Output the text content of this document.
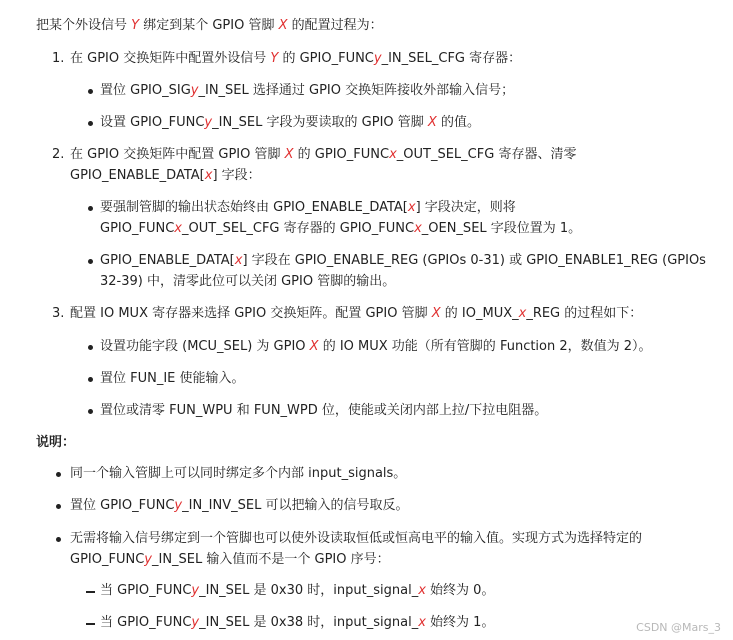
把某个外设信号 Y 绑定到某个 GPIO 管脚 X 的配置过程为：
1. 在 GPIO 交换矩阵中配置外设信号 Y 的 GPIO_FUNCy_IN_SEL_CFG 寄存器：
置位 GPIO_SIGy_IN_SEL 选择通过 GPIO 交换矩阵接收外部输入信号；
设置 GPIO_FUNCy_IN_SEL 字段为要读取的 GPIO 管脚 X 的值。
2. 在 GPIO 交换矩阵中配置 GPIO 管脚 X 的 GPIO_FUNCx_OUT_SEL_CFG 寄存器、清零
GPIO_ENABLE_DATA[x] 字段：
要强制管脚的输出状态始终由 GPIO_ENABLE_DATA[x] 字段决定，则将
GPIO_FUNCx_OUT_SEL_CFG 寄存器的 GPIO_FUNCx_OEN_SEL 字段位置为 1。
GPIO_ENABLE_DATA[x] 字段在 GPIO_ENABLE_REG (GPIOs 0-31) 或 GPIO_ENABLE1_REG (GPIOs
32-39) 中，清零此位可以关闭 GPIO 管脚的输出。
3. 配置 IO MUX 寄存器来选择 GPIO 交换矩阵。配置 GPIO 管脚 X 的 IO_MUX_x_REG 的过程如下：
设置功能字段 (MCU_SEL) 为 GPIO X 的 IO MUX 功能（所有管脚的 Function 2，数值为 2）。
置位 FUN_IE 使能输入。
置位或清零 FUN_WPU 和 FUN_WPD 位，使能或关闭内部上拉/下拉电阻器。
说明：
同一个输入管脚上可以同时绑定多个内部 input_signals。
置位 GPIO_FUNCy_IN_INV_SEL 可以把输入的信号取反。
无需将输入信号绑定到一个管脚也可以使外设读取恒低或恒高电平的输入值。实现方式为选择特定的
GPIO_FUNCy_IN_SEL 输入值而不是一个 GPIO 序号：
当 GPIO_FUNCy_IN_SEL 是 0x30 时，input_signal_x 始终为 0。
当 GPIO_FUNCy_IN_SEL 是 0x38 时，input_signal_x 始终为 1。	CSDN @Mars_3
